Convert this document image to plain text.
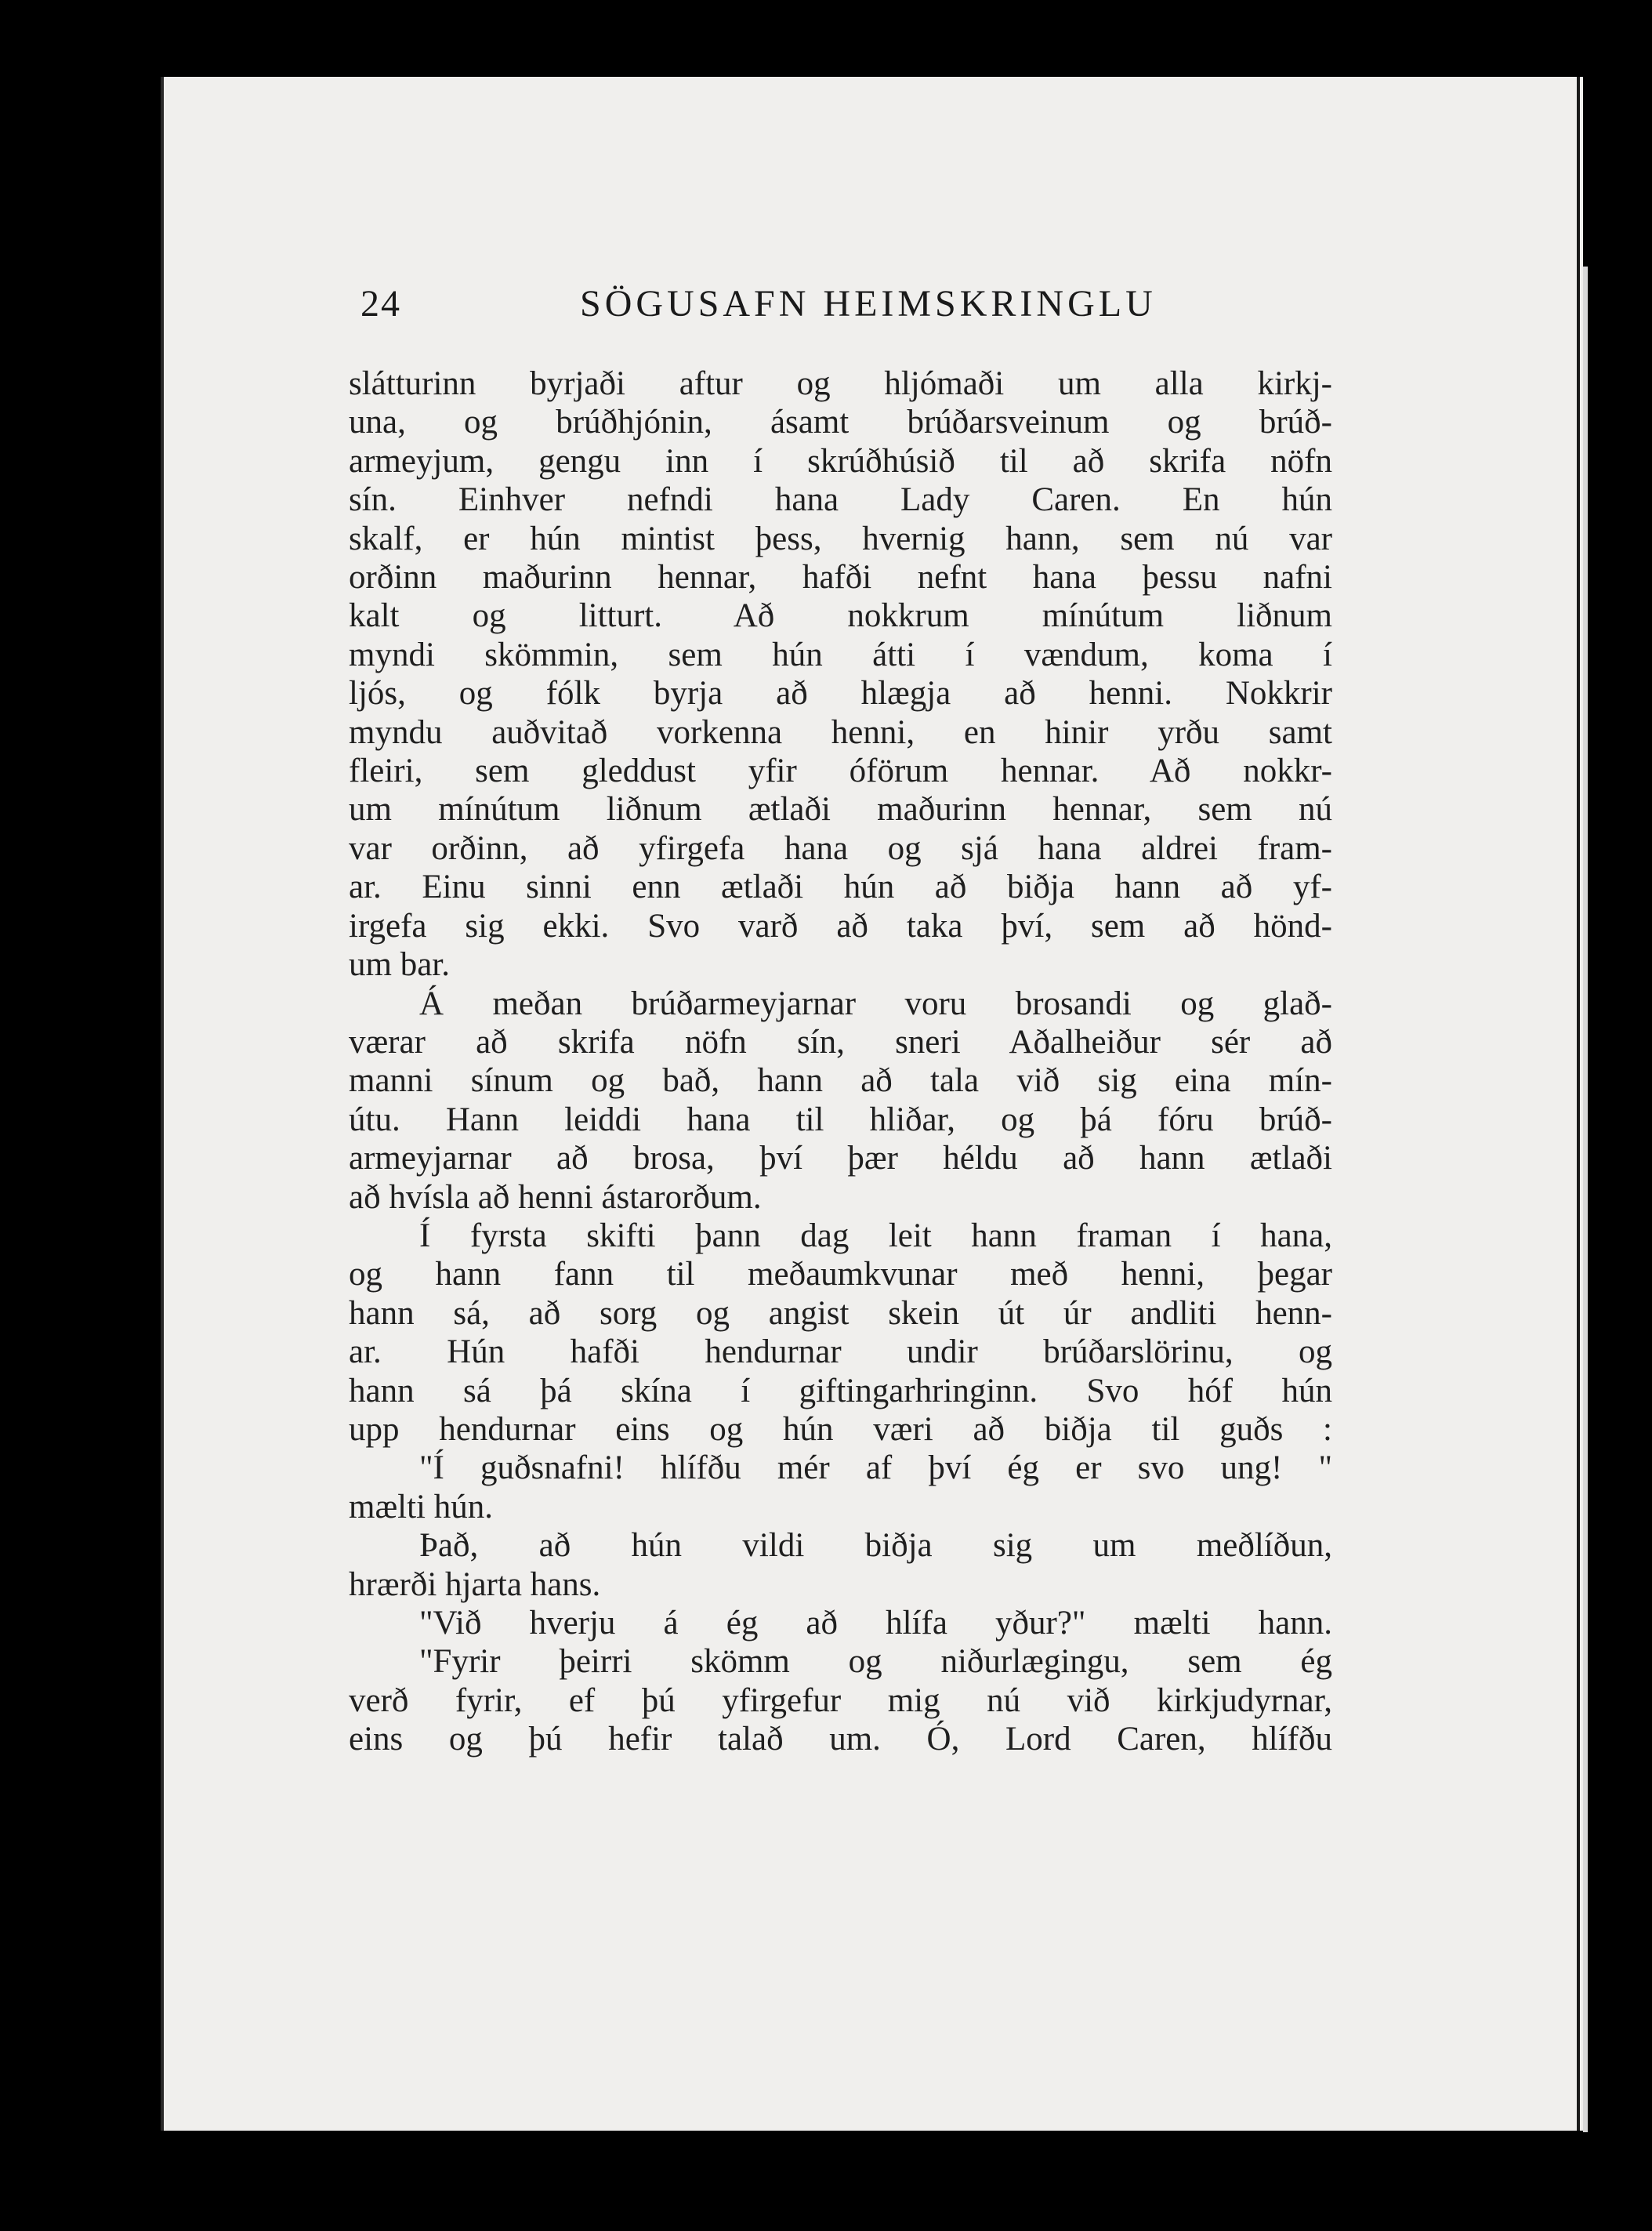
24	SÖGUSAFN HEIMSKRINGLU
slátturinn byrjaði aftur og hljómaði um alla kirkj-
una, og brúðhjónin, ásamt brúðarsveinum og brúð-
armeyjum, gengu inn í skrúðhúsið til að skrifa nöfn
sín. Einhver nefndi hana Lady Caren. En hún
skalf, er hún mintist þess, hvernig hann, sem nú var
orðinn maðurinn hennar, hafði nefnt hana þessu nafni
kalt og litturt. Að nokkrum mínútum liðnum
myndi skömmin, sem hún átti í vændum, koma í
ljós, og fólk byrja að hlægja að henni. Nokkrir
myndu auðvitað vorkenna henni, en hinir yrðu samt
fleiri, sem gleddust yfir óförum hennar. Að nokkr-
um mínútum liðnum ætlaði maðurinn hennar, sem nú
var orðinn, að yfirgefa hana og sjá hana aldrei fram-
ar. Einu sinni enn ætlaði hún að biðja hann að yf-
irgefa sig ekki. Svo varð að taka því, sem að hönd-
um bar.
Á meðan brúðarmeyjarnar voru brosandi og glað-
værar að skrifa nöfn sín, sneri Aðalheiður sér að
manni sínum og bað, hann að tala við sig eina mín-
útu. Hann leiddi hana til hliðar, og þá fóru brúð-
armeyjarnar að brosa, því þær héldu að hann ætlaði
að hvísla að henni ástarorðum.
Í fyrsta skifti þann dag leit hann framan í hana,
og hann fann til meðaumkvunar með henni, þegar
hann sá, að sorg og angist skein út úr andliti henn-
ar. Hún hafði hendurnar undir brúðarslörinu, og
hann sá þá skína í giftingarhringinn. Svo hóf hún
upp hendurnar eins og hún væri að biðja til guðs :
"Í guðsnafni! hlífðu mér af því ég er svo ung! "
mælti hún.
Það, að hún vildi biðja sig um meðlíðun,
hrærði hjarta hans.
"Við hverju á ég að hlífa yður?" mælti hann.
"Fyrir þeirri skömm og niðurlægingu, sem ég
verð fyrir, ef þú yfirgefur mig nú við kirkjudyrnar,
eins og þú hefir talað um. Ó, Lord Caren, hlífðu
